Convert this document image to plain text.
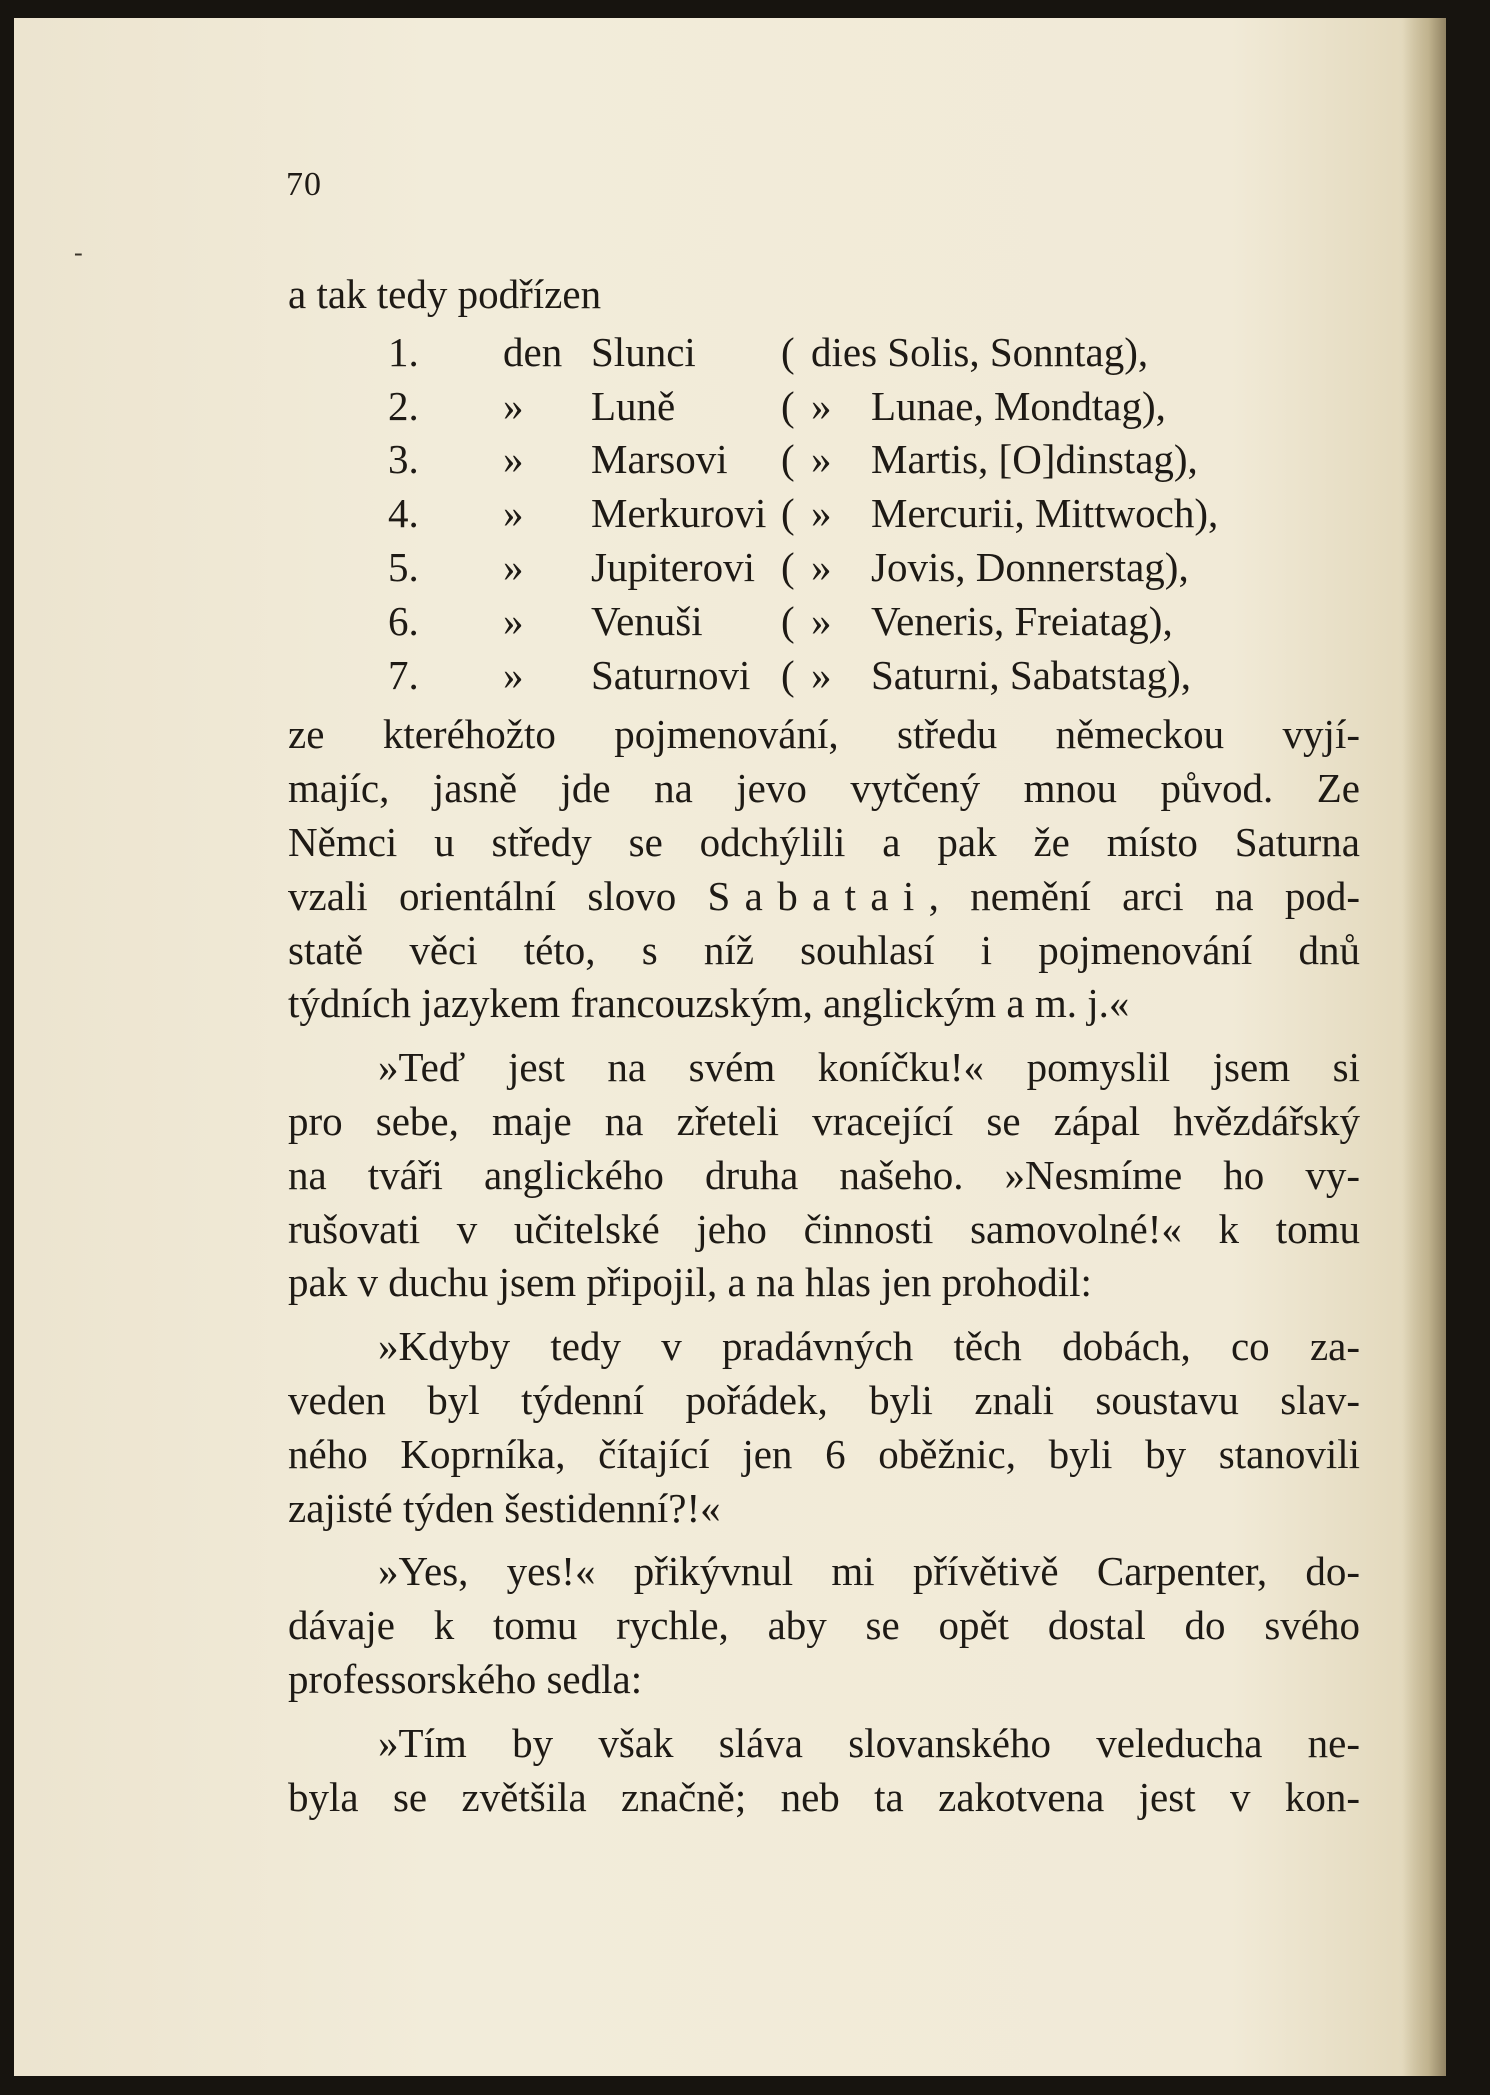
-
70
a tak tedy podřízen
1.	den Slunci	( dies Solis, Sonntag),
2.	»	Luně	( » Lunae, Mondtag),
3.	»	Marsovi	( » Martis, [O]dinstag),
4.	»	Merkurovi ( » Mercurii, Mittwoch),
5.	»	Jupiterovi ( » Jovis, Donnerstag),
6.	»	Venuši	( » Veneris, Freiatag),
7.	»	Saturnovi ( » Saturni, Sabatstag),
ze kteréhožto pojmenování, středu německou vyjí-
majíc, jasně jde na jevo vytčený mnou původ. Ze
Němci u středy se odchýlili a pak že místo Saturna
vzali orientální slovo Sabatai, nemění arci na pod-
statě věci této, s níž souhlasí i pojmenování dnů
týdních jazykem francouzským, anglickým a m. j.«
»Teď jest na svém koníčku!« pomyslil jsem si
pro sebe, maje na zřeteli vracející se zápal hvězdářský
na tváři anglického druha našeho. »Nesmíme ho vy-
rušovati v učitelské jeho činnosti samovolné!« k tomu
pak v duchu jsem připojil, a na hlas jen prohodil:
»Kdyby tedy v pradávných těch dobách, co za-
veden byl týdenní pořádek, byli znali soustavu slav-
ného Koprníka, čítající jen 6 oběžnic, byli by stanovili
zajisté týden šestidenní?!«
»Yes, yes!« přikývnul mi přívětivě Carpenter, do-
dávaje k tomu rychle, aby se opět dostal do svého
professorského sedla:
»Tím by však sláva slovanského veleducha ne-
byla se zvětšila značně; neb ta zakotvena jest v kon-
